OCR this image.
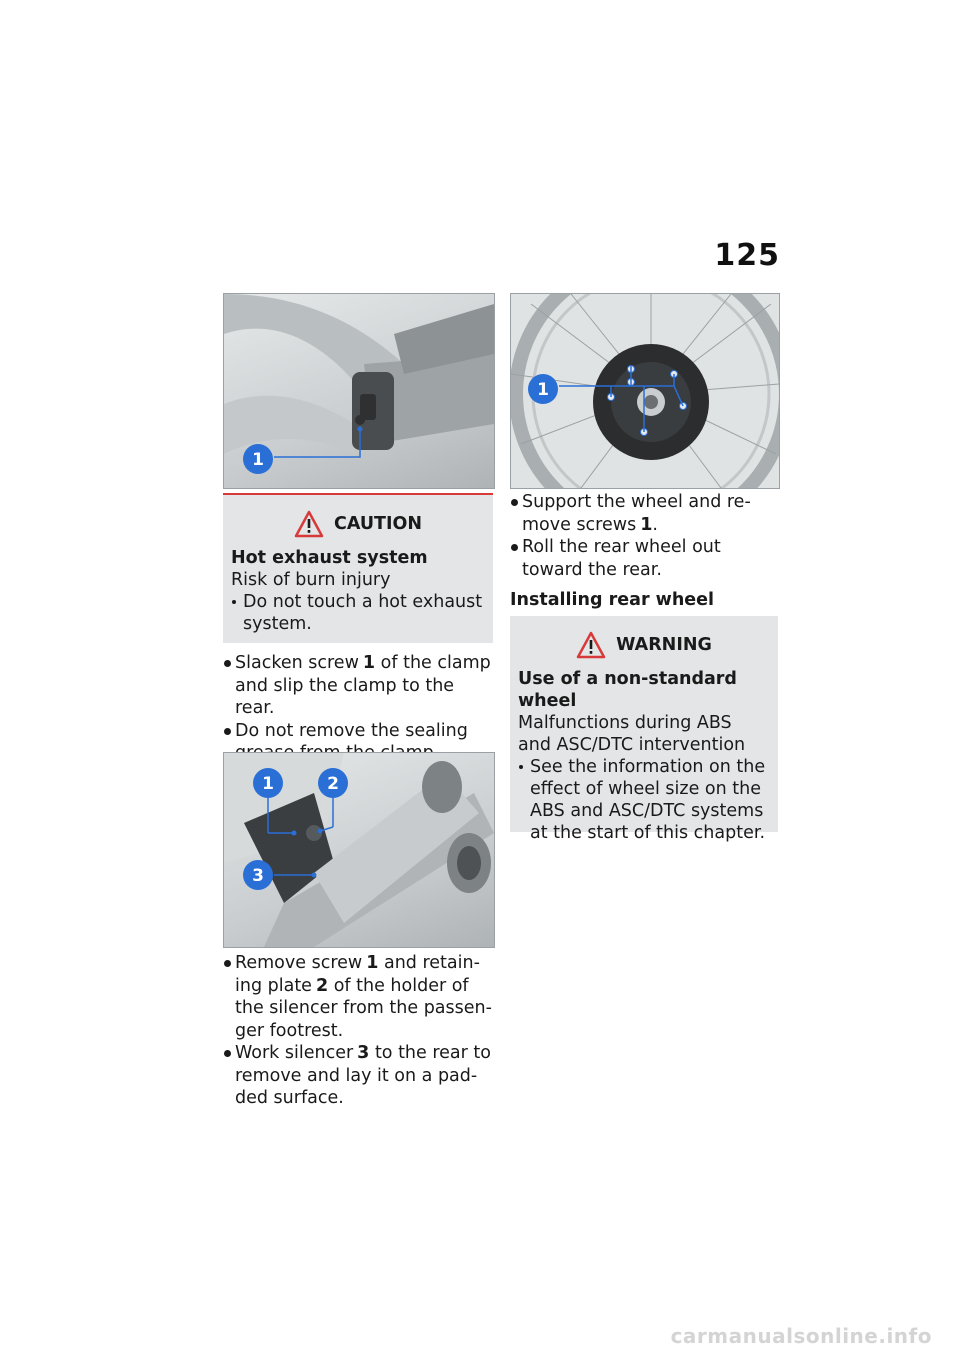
125
1
CAUTION
Hot exhaust system
Risk of burn injury
Do not touch a hot exhaust system.
Slacken screw 1 of the clamp and slip the clamp to the rear.
Do not remove the sealing
1	2
3
Remove screw 1 and retain-ing plate 2 of the holder of the silencer from the passen-ger footrest.
Work silencer 3 to the rear to remove and lay it on a pad-ded surface.
1
Support the wheel and re-move screws 1.
Roll the rear wheel out toward the rear.
Installing rear wheel
WARNING
Use of a non-standard wheel
Malfunctions during ABS and ASC/DTC intervention
See the information on the effect of wheel size on the ABS and ASC/DTC systems at the start of this chapter.
carmanualsonline.info
